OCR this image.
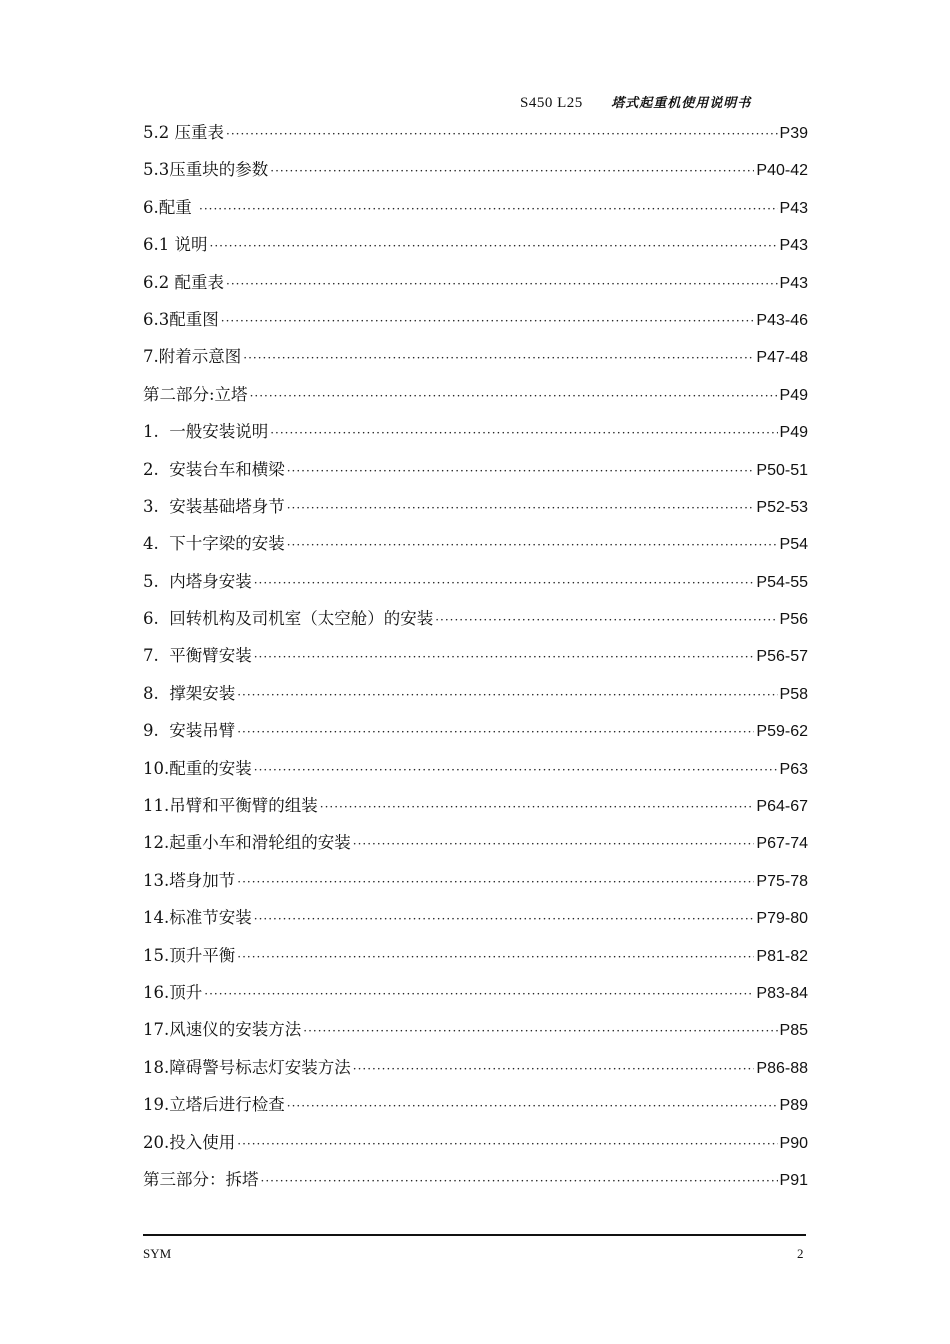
S450 L25 塔式起重机使用说明书
5.2 压重表 ·····	P39
5.3压重块的参数 ·····	P40-42
6.配重 ·····	P43
6.1 说明 ·····	P43
6.2 配重表 ·····	P43
6.3配重图 ·····	P43-46
7.附着示意图 ·····	P47-48
第二部分:立塔 ·····	P49
1.  一般安装说明 ·····	P49
2.  安装台车和横梁 ·····	P50-51
3.  安装基础塔身节 ·····	P52-53
4.  下十字梁的安装 ·····	P54
5.  内塔身安装 ·····	P54-55
6.  回转机构及司机室（太空舱）的安装 ·····	P56
7.  平衡臂安装 ·····	P56-57
8.  撑架安装 ·····	P58
9.  安装吊臂 ·····	P59-62
10.配重的安装 ·····	P63
11.吊臂和平衡臂的组装 ·····	P64-67
12.起重小车和滑轮组的安装 ·····	P67-74
13.塔身加节 ·····	P75-78
14.标准节安装 ·····	P79-80
15.顶升平衡 ·····	P81-82
16.顶升 ·····	P83-84
17.风速仪的安装方法 ·····	P85
18.障碍警号标志灯安装方法 ·····	P86-88
19.立塔后进行检查 ·····	P89
20.投入使用 ·····	P90
第三部分：拆塔 ·····	P91
SYM	2
